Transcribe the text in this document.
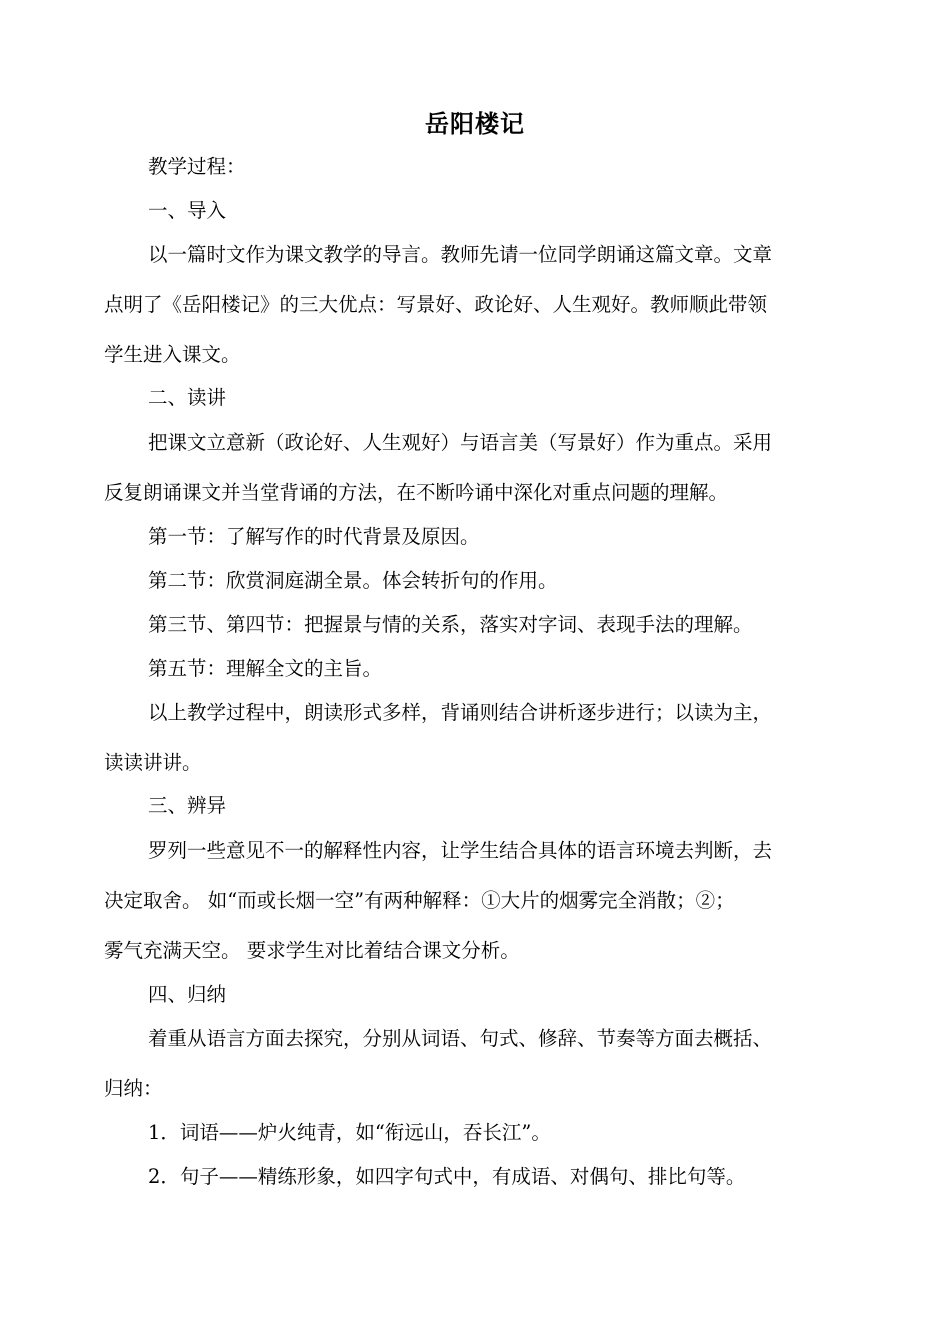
岳阳楼记
教学过程：
一、导入
以一篇时文作为课文教学的导言。教师先请一位同学朗诵这篇文章。文章
点明了《岳阳楼记》的三大优点：写景好、政论好、人生观好。教师顺此带领
学生进入课文。
二、读讲
把课文立意新（政论好、人生观好）与语言美（写景好）作为重点。采用
反复朗诵课文并当堂背诵的方法，在不断吟诵中深化对重点问题的理解。
第一节：了解写作的时代背景及原因。
第二节：欣赏洞庭湖全景。体会转折句的作用。
第三节、第四节：把握景与情的关系，落实对字词、表现手法的理解。
第五节：理解全文的主旨。
以上教学过程中，朗读形式多样，背诵则结合讲析逐步进行；以读为主，
读读讲讲。
三、辨异
罗列一些意见不一的解释性内容，让学生结合具体的语言环境去判断，去
决定取舍。 如“而或长烟一空”有两种解释：①大片的烟雾完全消散；②；
雾气充满天空。 要求学生对比着结合课文分析。
四、归纳
着重从语言方面去探究，分别从词语、句式、修辞、节奏等方面去概括、
归纳：
1．词语——炉火纯青，如“衔远山，吞长江”。
2．句子——精练形象，如四字句式中，有成语、对偶句、排比句等。
